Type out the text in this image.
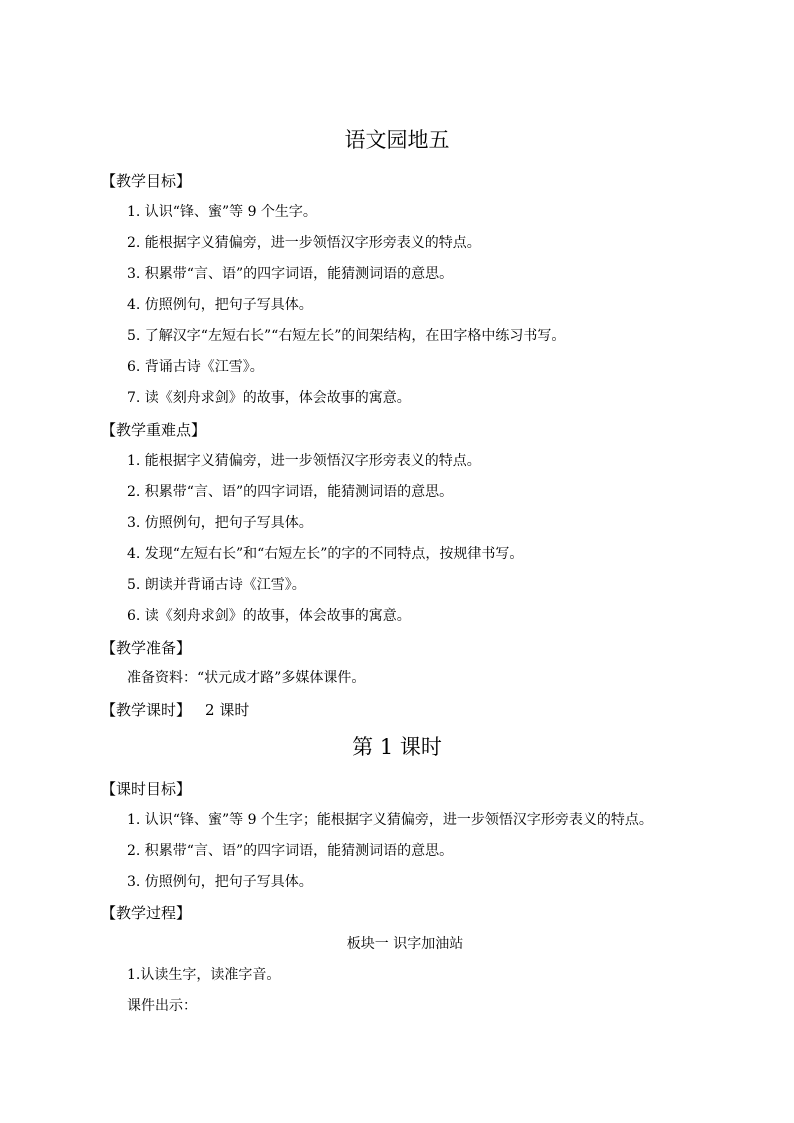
语文园地五
【教学目标】
1. 认识“锋、蜜”等 9 个生字。
2. 能根据字义猜偏旁，进一步领悟汉字形旁表义的特点。
3. 积累带“言、语”的四字词语，能猜测词语的意思。
4. 仿照例句，把句子写具体。
5. 了解汉字“左短右长”“右短左长”的间架结构，在田字格中练习书写。
6. 背诵古诗《江雪》。
7. 读《刻舟求剑》的故事，体会故事的寓意。
【教学重难点】
1. 能根据字义猜偏旁，进一步领悟汉字形旁表义的特点。
2. 积累带“言、语”的四字词语，能猜测词语的意思。
3. 仿照例句，把句子写具体。
4. 发现“左短右长”和“右短左长”的字的不同特点，按规律书写。
5. 朗读并背诵古诗《江雪》。
6. 读《刻舟求剑》的故事，体会故事的寓意。
【教学准备】
准备资料：“状元成才路”多媒体课件。
【教学课时】 2 课时
第 1 课时
【课时目标】
1. 认识“锋、蜜”等 9 个生字；能根据字义猜偏旁，进一步领悟汉字形旁表义的特点。
2. 积累带“言、语”的四字词语，能猜测词语的意思。
3. 仿照例句，把句子写具体。
【教学过程】
板块一 识字加油站
1.认读生字，读准字音。
课件出示：
